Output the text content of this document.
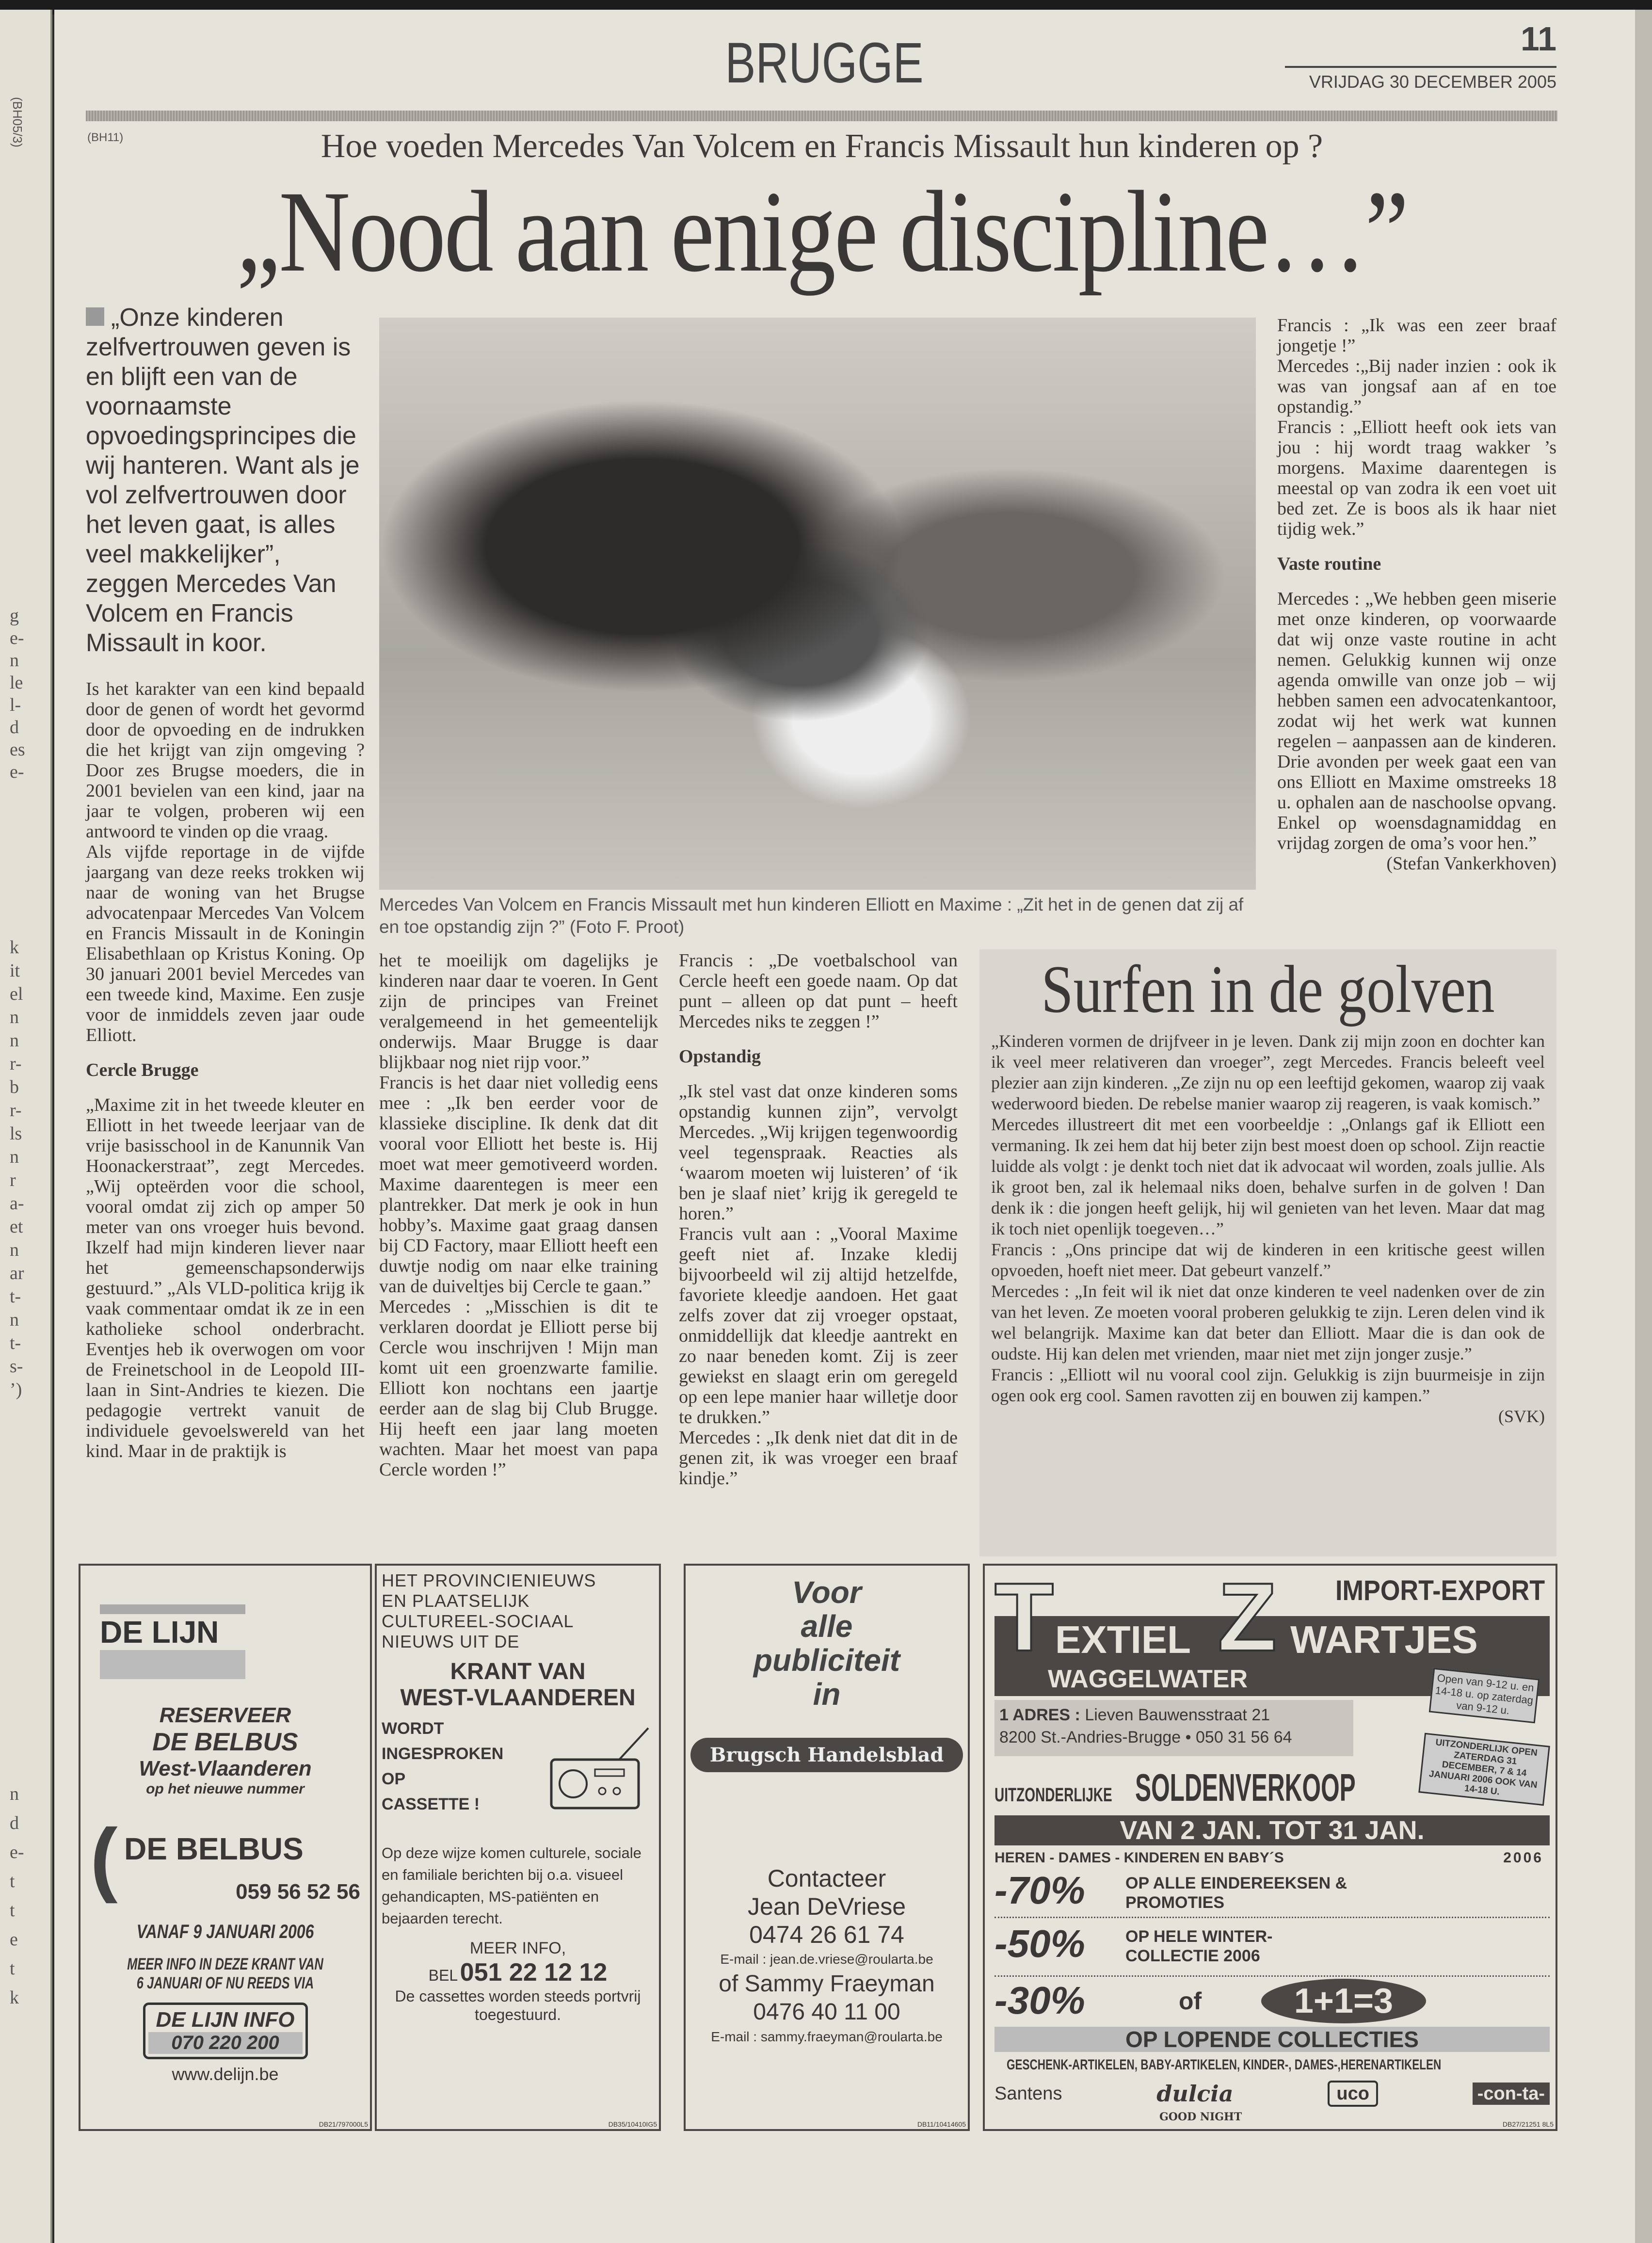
g
e-
n
le
l-
d
es
e-
k
it
el
n
n
r-
b
r-
ls
n
r
a-
et
n
ar
t-
n
t-
s-
’)
n
d
e-
t
t
e
t
k
(BH05/3)	(BH11)
BRUGGE	11
VRIJDAG 30 DECEMBER 2005
Hoe voeden Mercedes Van Volcem en Francis Missault hun kinderen op ?
„Nood aan enige discipline…”
„Onze kinderen zelfvertrouwen geven is en blijft een van de voornaamste opvoedingsprincipes die wij hanteren. Want als je vol zelfvertrouwen door het leven gaat, is alles veel makkelijker”, zeggen Mercedes Van Volcem en Francis Missault in koor.
Mercedes Van Volcem en Francis Missault met hun kinderen Elliott en Maxime : „Zit het in de genen dat zij af en toe opstandig zijn ?” (Foto F. Proot)

Is het karakter van een kind bepaald door de genen of wordt het gevormd door de opvoeding en de indrukken die het krijgt van zijn omgeving ? Door zes Brugse moeders, die in 2001 bevielen van een kind, jaar na jaar te volgen, proberen wij een antwoord te vinden op die vraag.

Als vijfde reportage in de vijfde jaargang van deze reeks trokken wij naar de woning van het Brugse advocatenpaar Mercedes Van Volcem en Francis Missault in de Koningin Elisabethlaan op Kristus Koning. Op 30 januari 2001 beviel Mercedes van een tweede kind, Maxime. Een zusje voor de inmiddels zeven jaar oude Elliott.

Cercle Brugge

„Maxime zit in het tweede kleuter en Elliott in het tweede leerjaar van de vrije basisschool in de Kanunnik Van Hoonackerstraat”, zegt Mercedes. „Wij opteërden voor die school, vooral omdat zij zich op amper 50 meter van ons vroeger huis bevond. Ikzelf had mijn kinderen liever naar het gemeenschapsonderwijs gestuurd.” „Als VLD-politica krijg ik vaak commentaar omdat ik ze in een katholieke school onderbracht. Eventjes heb ik overwogen om voor de Freinetschool in de Leopold III-laan in Sint-Andries te kiezen. Die pedagogie vertrekt vanuit de individuele gevoelswereld van het kind. Maar in de praktijk is

het te moeilijk om dagelijks je kinderen naar daar te voeren. In Gent zijn de principes van Freinet veralgemeend in het gemeentelijk onderwijs. Maar Brugge is daar blijkbaar nog niet rijp voor.”

Francis is het daar niet volledig eens mee : „Ik ben eerder voor de klassieke discipline. Ik denk dat dit vooral voor Elliott het beste is. Hij moet wat meer gemotiveerd worden. Maxime daarentegen is meer een plantrekker. Dat merk je ook in hun hobby’s. Maxime gaat graag dansen bij CD Factory, maar Elliott heeft een duwtje nodig om naar elke training van de duiveltjes bij Cercle te gaan.”

Mercedes : „Misschien is dit te verklaren doordat je Elliott perse bij Cercle wou inschrijven ! Mijn man komt uit een groenzwarte familie. Elliott kon nochtans een jaartje eerder aan de slag bij Club Brugge. Hij heeft een jaar lang moeten wachten. Maar het moest van papa Cercle worden !”

Francis : „De voetbalschool van Cercle heeft een goede naam. Op dat punt – alleen op dat punt – heeft Mercedes niks te zeggen !”

Opstandig

„Ik stel vast dat onze kinderen soms opstandig kunnen zijn”, vervolgt Mercedes. „Wij krijgen tegenwoordig veel tegenspraak. Reacties als ‘waarom moeten wij luisteren’ of ‘ik ben je slaaf niet’ krijg ik geregeld te horen.”

Francis vult aan : „Vooral Maxime geeft niet af. Inzake kledij bijvoorbeeld wil zij altijd hetzelfde, favoriete kleedje aandoen. Het gaat zelfs zover dat zij vroeger opstaat, onmiddellijk dat kleedje aantrekt en zo naar beneden komt. Zij is zeer gewiekst en slaagt erin om geregeld op een lepe manier haar willetje door te drukken.”

Mercedes : „Ik denk niet dat dit in de genen zit, ik was vroeger een braaf kindje.”

Francis : „Ik was een zeer braaf jongetje !”

Mercedes :„Bij nader inzien : ook ik was van jongsaf aan af en toe opstandig.”

Francis : „Elliott heeft ook iets van jou : hij wordt traag wakker ’s morgens. Maxime daarentegen is meestal op van zodra ik een voet uit bed zet. Ze is boos als ik haar niet tijdig wek.”

Vaste routine

Mercedes : „We hebben geen miserie met onze kinderen, op voorwaarde dat wij onze vaste routine in acht nemen. Gelukkig kunnen wij onze agenda omwille van onze job – wij hebben samen een advocatenkantoor, zodat wij het werk wat kunnen regelen – aanpassen aan de kinderen. Drie avonden per week gaat een van ons Elliott en Maxime omstreeks 18 u. ophalen aan de naschoolse opvang. Enkel op woensdagnamiddag en vrijdag zorgen de oma’s voor hen.”

(Stefan Vankerkhoven)

Surfen in de golven

„Kinderen vormen de drijfveer in je leven. Dank zij mijn zoon en dochter kan ik veel meer relativeren dan vroeger”, zegt Mercedes. Francis beleeft veel plezier aan zijn kinderen. „Ze zijn nu op een leeftijd gekomen, waarop zij vaak wederwoord bieden. De rebelse manier waarop zij reageren, is vaak komisch.”

Mercedes illustreert dit met een voorbeeldje : „Onlangs gaf ik Elliott een vermaning. Ik zei hem dat hij beter zijn best moest doen op school. Zijn reactie luidde als volgt : je denkt toch niet dat ik advocaat wil worden, zoals jullie. Als ik groot ben, zal ik helemaal niks doen, behalve surfen in de golven ! Dan denk ik : die jongen heeft gelijk, hij wil genieten van het leven. Maar dat mag ik toch niet openlijk toegeven…”

Francis : „Ons principe dat wij de kinderen in een kritische geest willen opvoeden, hoeft niet meer. Dat gebeurt vanzelf.”

Mercedes : „In feit wil ik niet dat onze kinderen te veel nadenken over de zin van het leven. Ze moeten vooral proberen gelukkig te zijn. Leren delen vind ik wel belangrijk. Maxime kan dat beter dan Elliott. Maar die is dan ook de oudste. Hij kan delen met vrienden, maar niet met zijn jonger zusje.”

Francis : „Elliott wil nu vooral cool zijn. Gelukkig is zijn buurmeisje in zijn ogen ook erg cool. Samen ravotten zij en bouwen zij kampen.”

(SVK)

DE LIJN
RESERVEER
DE BELBUS
West-Vlaanderen
op het nieuwe nummer
( DE BELBUS
059 56 52 56
VANAF 9 JANUARI 2006
MEER INFO IN DEZE KRANT VAN
6 JANUARI OF NU REEDS VIA
DE LIJN INFO
070 220 200
www.delijn.be
DB21/797000L5
HET PROVINCIENIEUWS
EN PLAATSELIJK
CULTUREEL-SOCIAAL
NIEUWS UIT DE
KRANT VAN
WEST-VLAANDEREN
WORDT
INGESPROKEN
OP
CASSETTE !
Op deze wijze komen culturele, sociale en familiale berichten bij o.a. visueel gehandicapten, MS-patiënten en bejaarden terecht.
MEER INFO,
BEL 051 22 12 12
De cassettes worden steeds portvrij toegestuurd.
DB35/10410IG5
Voor
alle
publiciteit
in
Brugsch Handelsblad
Contacteer
Jean DeVriese
0474 26 61 74
E-mail : jean.de.vriese@roularta.be
of Sammy Fraeyman
0476 40 11 00
E-mail : sammy.fraeyman@roularta.be
DB11/10414605
IMPORT-EXPORT
T EXTIEL Z WARTJES
WAGGELWATER
1 ADRES : Lieven Bauwensstraat 21
8200 St.-Andries-Brugge • 050 31 56 64
Open van 9-12 u. en 14-18 u. op zaterdag van 9-12 u.
UITZONDERLIJK OPEN ZATERDAG 31 DECEMBER, 7 & 14 JANUARI 2006 OOK VAN 14-18 U.
UITZONDERLIJKE SOLDENVERKOOP
VAN 2 JAN. TOT 31 JAN.
HEREN - DAMES - KINDEREN EN BABY´S	2006
-70% OP ALLE EINDEREEKSEN & PROMOTIES
-50% OP HELE WINTER-COLLECTIE 2006
-30%	of	1+1=3
OP LOPENDE COLLECTIES
GESCHENK-ARTIKELEN, BABY-ARTIKELEN, KINDER-, DAMES-,HERENARTIKELEN
Santens	dulcia	uco	-con-ta-
GOOD NIGHT
DB27/21251 8L5
